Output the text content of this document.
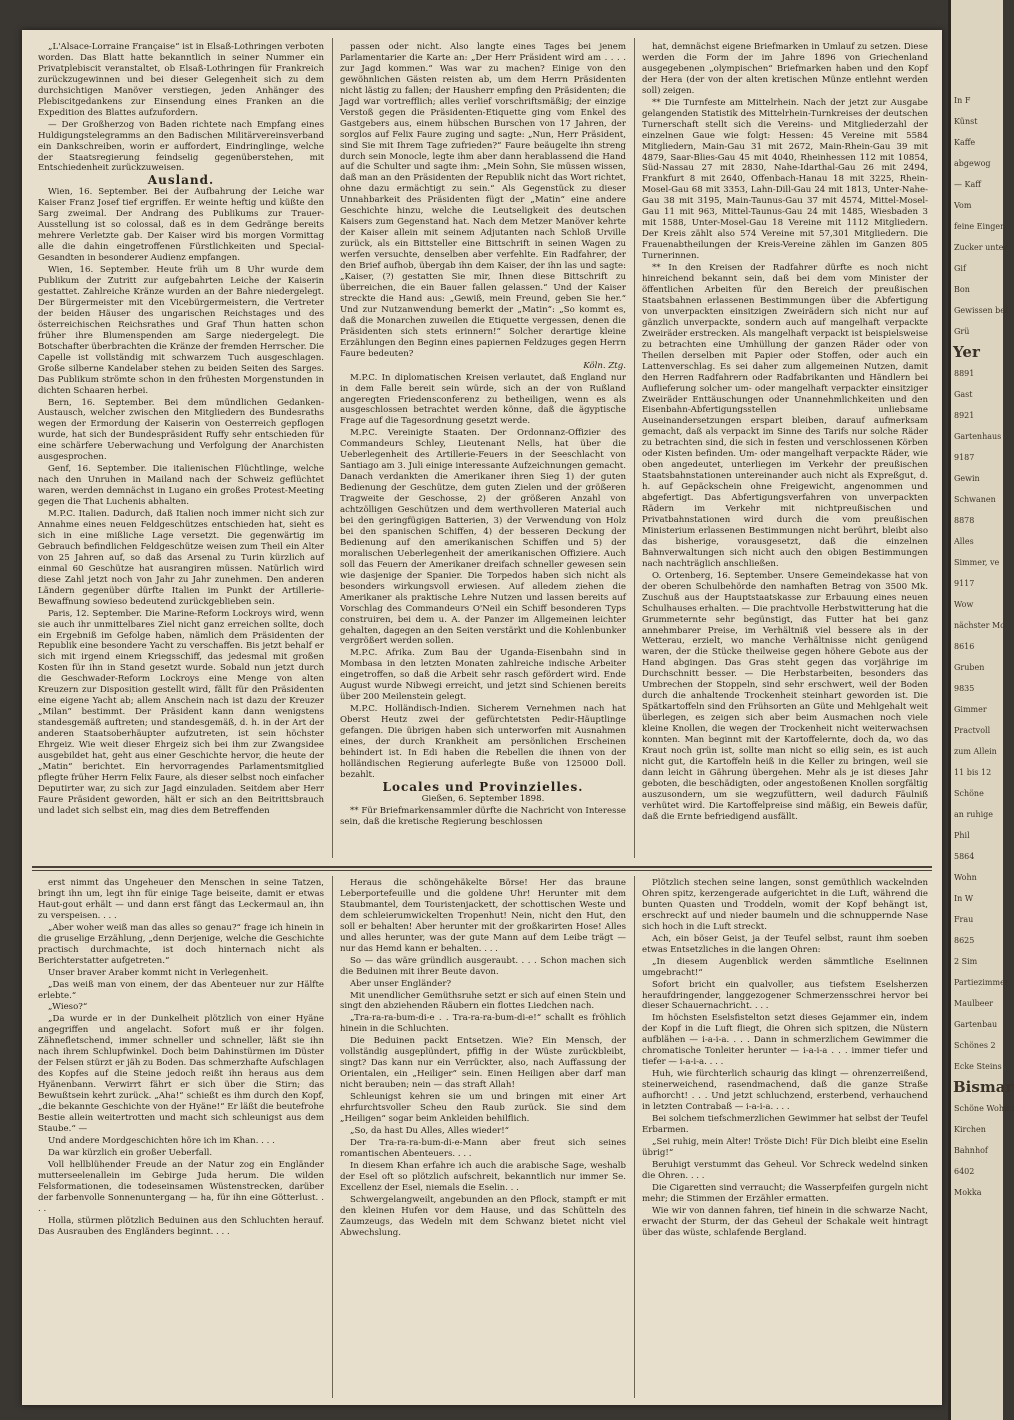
„L'Alsace-Lorraine Française“ ist in Elsaß-Lothringen verboten worden. Das Blatt hatte bekanntlich in seiner Nummer ein Privatplebiscit veranstaltet, ob Elsaß-Lothringen für Frankreich zurückzugewinnen und bei dieser Gelegenheit sich zu dem durchsichtigen Manöver verstiegen, jeden Anhänger des Plebiscitgedankens zur Einsendung eines Franken an die Expedition des Blattes aufzufordern.

— Der Großherzog von Baden richtete nach Empfang eines Huldigungstelegramms an den Badischen Militärvereinsverband ein Dankschreiben, worin er auffordert, Eindringlinge, welche der Staatsregierung feindselig gegenüberstehen, mit Entschiedenheit zurückzuweisen.

Ausland.

Wien, 16. September. Bei der Aufbahrung der Leiche war Kaiser Franz Josef tief ergriffen. Er weinte heftig und küßte den Sarg zweimal. Der Andrang des Publikums zur Trauer-Ausstellung ist so colossal, daß es in dem Gedränge bereits mehrere Verletzte gab. Der Kaiser wird bis morgen Vormittag alle die dahin eingetroffenen Fürstlichkeiten und Special-Gesandten in besonderer Audienz empfangen.

Wien, 16. September. Heute früh um 8 Uhr wurde dem Publikum der Zutritt zur aufgebahrten Leiche der Kaiserin gestattet. Zahlreiche Kränze wurden an der Bahre niedergelegt. Der Bürgermeister mit den Vicebürgermeistern, die Vertreter der beiden Häuser des ungarischen Reichstages und des österreichischen Reichsrathes und Graf Thun hatten schon früher ihre Blumenspenden am Sarge niedergelegt. Die Botschafter überbrachten die Kränze der fremden Herrscher. Die Capelle ist vollständig mit schwarzem Tuch ausgeschlagen. Große silberne Kandelaber stehen zu beiden Seiten des Sarges. Das Publikum strömte schon in den frühesten Morgenstunden in dichten Schaaren herbei.

Bern, 16. September. Bei dem mündlichen Gedanken-Austausch, welcher zwischen den Mitgliedern des Bundesraths wegen der Ermordung der Kaiserin von Oesterreich gepflogen wurde, hat sich der Bundespräsident Ruffy sehr entschieden für eine schärfere Ueberwachung und Verfolgung der Anarchisten ausgesprochen.

Genf, 16. September. Die italienischen Flüchtlinge, welche nach den Unruhen in Mailand nach der Schweiz geflüchtet waren, werden demnächst in Lugano ein großes Protest-Meeting gegen die That Luchenis abhalten.

M.P.C. Italien. Dadurch, daß Italien noch immer nicht sich zur Annahme eines neuen Feldgeschützes entschieden hat, sieht es sich in eine mißliche Lage versetzt. Die gegenwärtig im Gebrauch befindlichen Feldgeschütze weisen zum Theil ein Alter von 25 Jahren auf, so daß das Arsenal zu Turin kürzlich auf einmal 60 Geschütze hat ausrangiren müssen. Natürlich wird diese Zahl jetzt noch von Jahr zu Jahr zunehmen. Den anderen Ländern gegenüber dürfte Italien im Punkt der Artillerie-Bewaffnung sowieso bedeutend zurückgeblieben sein.

Paris, 12. September. Die Marine-Reform Lockroys wird, wenn sie auch ihr unmittelbares Ziel nicht ganz erreichen sollte, doch ein Ergebniß im Gefolge haben, nämlich dem Präsidenten der Republik eine besondere Yacht zu verschaffen. Bis jetzt behalf er sich mit irgend einem Kriegsschiff, das jedesmal mit großen Kosten für ihn in Stand gesetzt wurde. Sobald nun jetzt durch die Geschwader-Reform Lockroys eine Menge von alten Kreuzern zur Disposition gestellt wird, fällt für den Präsidenten eine eigene Yacht ab; allem Anschein nach ist dazu der Kreuzer „Milan“ bestimmt. Der Präsident kann dann wenigstens standesgemäß auftreten; und standesgemäß, d. h. in der Art der anderen Staatsoberhäupter aufzutreten, ist sein höchster Ehrgeiz. Wie weit dieser Ehrgeiz sich bei ihm zur Zwangsidee ausgebildet hat, geht aus einer Geschichte hervor, die heute der „Matin“ berichtet. Ein hervorragendes Parlamentsmitglied pflegte früher Herrn Felix Faure, als dieser selbst noch einfacher Deputirter war, zu sich zur Jagd einzuladen. Seitdem aber Herr Faure Präsident geworden, hält er sich an den Beitrittsbrauch und ladet sich selbst ein, mag dies dem Betreffenden

passen oder nicht. Also langte eines Tages bei jenem Parlamentarier die Karte an: „Der Herr Präsident wird am . . . . zur Jagd kommen.“ Was war zu machen? Einige von den gewöhnlichen Gästen reisten ab, um dem Herrn Präsidenten nicht lästig zu fallen; der Hausherr empfing den Präsidenten; die Jagd war vortrefflich; alles verlief vorschriftsmäßig; der einzige Verstoß gegen die Präsidenten-Etiquette ging vom Enkel des Gastgebers aus, einem hübschen Burschen von 17 Jahren, der sorglos auf Felix Faure zuging und sagte: „Nun, Herr Präsident, sind Sie mit Ihrem Tage zufrieden?“ Faure beäugelte ihn streng durch sein Monocle, legte ihm aber dann herablassend die Hand auf die Schulter und sagte ihm: „Mein Sohn, Sie müssen wissen, daß man an den Präsidenten der Republik nicht das Wort richtet, ohne dazu ermächtigt zu sein.“ Als Gegenstück zu dieser Unnahbarkeit des Präsidenten fügt der „Matin“ eine andere Geschichte hinzu, welche die Leutseligkeit des deutschen Kaisers zum Gegenstand hat. Nach dem Metzer Manöver kehrte der Kaiser allein mit seinem Adjutanten nach Schloß Urville zurück, als ein Bittsteller eine Bittschrift in seinen Wagen zu werfen versuchte, denselben aber verfehlte. Ein Radfahrer, der den Brief aufhob, übergab ihn dem Kaiser, der ihn las und sagte: „Kaiser, (?) gestatten Sie mir, Ihnen diese Bittschrift zu überreichen, die ein Bauer fallen gelassen.“ Und der Kaiser streckte die Hand aus: „Gewiß, mein Freund, geben Sie her.“ Und zur Nutzanwendung bemerkt der „Matin“: „So kommt es, daß die Monarchen zuweilen die Etiquette vergessen, denen die Präsidenten sich stets erinnern!“ Solcher derartige kleine Erzählungen den Beginn eines papiernen Feldzuges gegen Herrn Faure bedeuten?

Köln. Ztg.

M.P.C. In diplomatischen Kreisen verlautet, daß England nur in dem Falle bereit sein würde, sich an der von Rußland angeregten Friedensconferenz zu betheiligen, wenn es als ausgeschlossen betrachtet werden könne, daß die ägyptische Frage auf die Tagesordnung gesetzt werde.

M.P.C. Vereinigte Staaten. Der Ordonnanz-Offizier des Commandeurs Schley, Lieutenant Nells, hat über die Ueberlegenheit des Artillerie-Feuers in der Seeschlacht von Santiago am 3. Juli einige interessante Aufzeichnungen gemacht. Danach verdankten die Amerikaner ihren Sieg 1) der guten Bedienung der Geschütze, dem guten Zielen und der größeren Tragweite der Geschosse, 2) der größeren Anzahl von achtzölligen Geschützen und dem werthvolleren Material auch bei den geringfügigen Batterien, 3) der Verwendung von Holz bei den spanischen Schiffen, 4) der besseren Deckung der Bedienung auf den amerikanischen Schiffen und 5) der moralischen Ueberlegenheit der amerikanischen Offiziere. Auch soll das Feuern der Amerikaner dreifach schneller gewesen sein wie dasjenige der Spanier. Die Torpedos haben sich nicht als besonders wirkungsvoll erwiesen. Auf alledem ziehen die Amerikaner als praktische Lehre Nutzen und lassen bereits auf Vorschlag des Commandeurs O'Neil ein Schiff besonderen Typs construiren, bei dem u. A. der Panzer im Allgemeinen leichter gehalten, dagegen an den Seiten verstärkt und die Kohlenbunker vergrößert werden sollen.

M.P.C. Afrika. Zum Bau der Uganda-Eisenbahn sind in Mombasa in den letzten Monaten zahlreiche indische Arbeiter eingetroffen, so daß die Arbeit sehr rasch gefördert wird. Ende August wurde Nibwegi erreicht, und jetzt sind Schienen bereits über 200 Meilenstein gelegt.

M.P.C. Holländisch-Indien. Sicherem Vernehmen nach hat Oberst Heutz zwei der gefürchtetsten Pedir-Häuptlinge gefangen. Die übrigen haben sich unterworfen mit Ausnahmen eines, der durch Krankheit am persönlichen Erscheinen behindert ist. In Edi haben die Rebellen die ihnen von der holländischen Regierung auferlegte Buße von 125000 Doll. bezahlt.

Locales und Provinzielles.

Gießen, 6. September 1898.

** Für Briefmarkensammler dürfte die Nachricht von Interesse sein, daß die kretische Regierung beschlossen

hat, demnächst eigene Briefmarken in Umlauf zu setzen. Diese werden die Form der im Jahre 1896 von Griechenland ausgegebenen „olympischen“ Briefmarken haben und den Kopf der Hera (der von der alten kretischen Münze entlehnt werden soll) zeigen.

** Die Turnfeste am Mittelrhein. Nach der jetzt zur Ausgabe gelangenden Statistik des Mittelrhein-Turnkreises der deutschen Turnerschaft stellt sich die Vereins- und Mitgliederzahl der einzelnen Gaue wie folgt: Hessen: 45 Vereine mit 5584 Mitgliedern, Main-Gau 31 mit 2672, Main-Rhein-Gau 39 mit 4879, Saar-Blies-Gau 45 mit 4040, Rheinhessen 112 mit 10854, Süd-Nassau 27 mit 2830, Nahe-Idarthal-Gau 26 mit 2494, Frankfurt 8 mit 2640, Offenbach-Hanau 18 mit 3225, Rhein-Mosel-Gau 68 mit 3353, Lahn-Dill-Gau 24 mit 1813, Unter-Nahe-Gau 38 mit 3195, Main-Taunus-Gau 37 mit 4574, Mittel-Mosel-Gau 11 mit 963, Mittel-Taunus-Gau 24 mit 1485, Wiesbaden 3 mit 1588, Unter-Mosel-Gau 18 Vereine mit 1112 Mitgliedern. Der Kreis zählt also 574 Vereine mit 57,301 Mitgliedern. Die Frauenabtheilungen der Kreis-Vereine zählen im Ganzen 805 Turnerinnen.

** In den Kreisen der Radfahrer dürfte es noch nicht hinreichend bekannt sein, daß bei dem vom Minister der öffentlichen Arbeiten für den Bereich der preußischen Staatsbahnen erlassenen Bestimmungen über die Abfertigung von unverpackten einsitzigen Zweirädern sich nicht nur auf gänzlich unverpackte, sondern auch auf mangelhaft verpackte Zweiräder erstrecken. Als mangelhaft verpackt ist beispielsweise zu betrachten eine Umhüllung der ganzen Räder oder von Theilen derselben mit Papier oder Stoffen, oder auch ein Lattenverschlag. Es sei daher zum allgemeinen Nutzen, damit den Herren Radfahrern oder Radfabrikanten und Händlern bei Auflieferung solcher um- oder mangelhaft verpackter einsitziger Zweiräder Enttäuschungen oder Unannehmlichkeiten und den Eisenbahn-Abfertigungsstellen unliebsame Auseinandersetzungen erspart bleiben, darauf aufmerksam gemacht, daß als verpackt im Sinne des Tarifs nur solche Räder zu betrachten sind, die sich in festen und verschlossenen Körben oder Kisten befinden. Um- oder mangelhaft verpackte Räder, wie oben angedeutet, unterliegen im Verkehr der preußischen Staatsbahnstationen untereinander auch nicht als Expreßgut, d. h. auf Gepäckschein ohne Freigewicht, angenommen und abgefertigt. Das Abfertigungsverfahren von unverpackten Rädern im Verkehr mit nichtpreußischen und Privatbahnstationen wird durch die vom preußischen Ministerium erlassenen Bestimmungen nicht berührt, bleibt also das bisherige, vorausgesetzt, daß die einzelnen Bahnverwaltungen sich nicht auch den obigen Bestimmungen nach nachträglich anschließen.

O. Ortenberg, 16. September. Unsere Gemeindekasse hat von der oberen Schulbehörde den namhaften Betrag von 3500 Mk. Zuschuß aus der Hauptstaatskasse zur Erbauung eines neuen Schulhauses erhalten. — Die prachtvolle Herbstwitterung hat die Grummeternte sehr begünstigt, das Futter hat bei ganz annehmbarer Preise, im Verhältniß viel bessere als in der Wetterau, erzielt, wo manche Verhältnisse nicht genügend waren, der die Stücke theilweise gegen höhere Gebote aus der Hand abgingen. Das Gras steht gegen das vorjährige im Durchschnitt besser. — Die Herbstarbeiten, besonders das Umbrechen der Stoppeln, sind sehr erschwert, weil der Boden durch die anhaltende Trockenheit steinhart geworden ist. Die Spätkartoffeln sind den Frühsorten an Güte und Mehlgehalt weit überlegen, es zeigen sich aber beim Ausmachen noch viele kleine Knollen, die wegen der Trockenheit nicht weiterwachsen konnten. Man beginnt mit der Kartoffelernte, doch da, wo das Kraut noch grün ist, sollte man nicht so eilig sein, es ist auch nicht gut, die Kartoffeln heiß in die Keller zu bringen, weil sie dann leicht in Gährung übergehen. Mehr als je ist dieses Jahr geboten, die beschädigten, oder angestoßenen Knollen sorgfältig auszusondern, um sie wegzufüttern, weil dadurch Fäulniß verhütet wird. Die Kartoffelpreise sind mäßig, ein Beweis dafür, daß die Ernte befriedigend ausfällt.

erst nimmt das Ungeheuer den Menschen in seine Tatzen, bringt ihn um, legt ihn für einige Tage beiseite, damit er etwas Haut-gout erhält — und dann erst fängt das Leckermaul an, ihn zu verspeisen. . . .

„Aber woher weiß man das alles so genau?“ frage ich hinein in die gruselige Erzählung, „denn Derjenige, welche die Geschichte practisch durchmachte, ist doch hinternach nicht als Berichterstatter aufgetreten.“

Unser braver Araber kommt nicht in Verlegenheit.

„Das weiß man von einem, der das Abenteuer nur zur Hälfte erlebte.“

„Wieso?“

„Da wurde er in der Dunkelheit plötzlich von einer Hyäne angegriffen und angelacht. Sofort muß er ihr folgen. Zähnefletschend, immer schneller und schneller, läßt sie ihn nach ihrem Schlupfwinkel. Doch beim Dahinstürmen im Düster der Felsen stürzt er jäh zu Boden. Das schmerzhafte Aufschlagen des Kopfes auf die Steine jedoch reißt ihn heraus aus dem Hyänenbann. Verwirrt fährt er sich über die Stirn; das Bewußtsein kehrt zurück. „Aha!“ schießt es ihm durch den Kopf, „die bekannte Geschichte von der Hyäne!“ Er läßt die beutefrohe Bestie allein weitertrotten und macht sich schleunigst aus dem Staube.“ —

Und andere Mordgeschichten höre ich im Khan. . . .

Da war kürzlich ein großer Ueberfall.

Voll hellblühender Freude an der Natur zog ein Engländer mutterseelenallein im Gebirge Juda herum. Die wilden Felsformationen, die todeseinsamen Wüstenstrecken, darüber der farbenvolle Sonnenuntergang — ha, für ihn eine Götterlust. . . .

Holla, stürmen plötzlich Beduinen aus den Schluchten herauf. Das Ausrauben des Engländers beginnt. . . .

Heraus die schöngehäkelte Börse! Her das braune Leberportefeuille und die goldene Uhr! Herunter mit dem Staubmantel, dem Touristenjackett, der schottischen Weste und dem schleierumwickelten Tropenhut! Nein, nicht den Hut, den soll er behalten! Aber herunter mit der großkarirten Hose! Alles und alles herunter, was der gute Mann auf dem Leibe trägt — nur das Hemd kann er behalten. . . .

So — das wäre gründlich ausgeraubt. . . . Schon machen sich die Beduinen mit ihrer Beute davon.

Aber unser Engländer?

Mit unendlicher Gemüthsruhe setzt er sich auf einen Stein und singt den abziehenden Räubern ein flottes Liedchen nach.

„Tra-ra-ra-bum-di-e . . Tra-ra-ra-bum-di-e!“ schallt es fröhlich hinein in die Schluchten.

Die Beduinen packt Entsetzen. Wie? Ein Mensch, der vollständig ausgeplündert, pfiffig in der Wüste zurückbleibt, singt? Das kann nur ein Verrückter, also, nach Auffassung der Orientalen, ein „Heiliger“ sein. Einen Heiligen aber darf man nicht berauben; nein — das straft Allah!

Schleunigst kehren sie um und bringen mit einer Art ehrfurchtsvoller Scheu den Raub zurück. Sie sind dem „Heiligen“ sogar beim Ankleiden behilflich.

„So, da hast Du Alles, Alles wieder!“

Der Tra-ra-ra-bum-di-e-Mann aber freut sich seines romantischen Abenteuers. . . .

In diesem Khan erfahre ich auch die arabische Sage, weshalb der Esel oft so plötzlich aufschreit, bekanntlich nur immer Se. Excellenz der Esel, niemals die Eselin. . .

Schwergelangweilt, angebunden an den Pflock, stampft er mit den kleinen Hufen vor dem Hause, und das Schütteln des Zaumzeugs, das Wedeln mit dem Schwanz bietet nicht viel Abwechslung.

Plötzlich stechen seine langen, sonst gemüthlich wackelnden Ohren spitz, kerzengerade aufgerichtet in die Luft, während die bunten Quasten und Troddeln, womit der Kopf behängt ist, erschreckt auf und nieder baumeln und die schnuppernde Nase sich hoch in die Luft streckt.

Ach, ein böser Geist, ja der Teufel selbst, raunt ihm soeben etwas Entsetzliches in die langen Ohren:

„In diesem Augenblick werden sämmtliche Eselinnen umgebracht!“

Sofort bricht ein qualvoller, aus tiefstem Eselsherzen heraufdringender, langgezogener Schmerzensschrei hervor bei dieser Schauernachricht. . . .

Im höchsten Eselsfistelton setzt dieses Gejammer ein, indem der Kopf in die Luft fliegt, die Ohren sich spitzen, die Nüstern aufblähen — i-a-i-a. . . . Dann in schmerzlichem Gewimmer die chromatische Tonleiter herunter — i-a-i-a . . . immer tiefer und tiefer — i-a-i-a. . . .

Huh, wie fürchterlich schaurig das klingt — ohrenzerreißend, steinerweichend, rasendmachend, daß die ganze Straße aufhorcht! . . . Und jetzt schluchzend, ersterbend, verhauchend in letzten Contrabaß — i-a-i-a. . . .

Bei solchem tiefschmerzlichen Gewimmer hat selbst der Teufel Erbarmen.

„Sei ruhig, mein Alter! Tröste Dich! Für Dich bleibt eine Eselin übrig!“

Beruhigt verstummt das Geheul. Vor Schreck wedelnd sinken die Ohren. . . .

Die Cigaretten sind verraucht; die Wasserpfeifen gurgeln nicht mehr; die Stimmen der Erzähler ermatten.

Wie wir von dannen fahren, tief hinein in die schwarze Nacht, erwacht der Sturm, der das Geheul der Schakale weit hintragt über das wüste, schlafende Bergland.

In F
Künst
Kaffe
abgewog
— Kaff
Vom
feine Eingen
Zucker unter
Gif
Bon
Gewissen bel
Grü
Yer
8891
Gast
8921
Gartenhaus
9187
Gewin
Schwanen
8878
Alles
Simmer, ve
9117
Wow
nächster Mo
8616
Gruben
9835
Gimmer
Practvoll
zum Allein
11 bis 12
Schöne
an ruhige
Phil
5864
Wohn
In W
Frau
8625
2 Sim
Partiezimmer
Maulbeer
Gartenbau
Schönes 2
Ecke Steins
Bismar
Schöne Wohnu
Kirchen
Bahnhof
6402
Mokka
